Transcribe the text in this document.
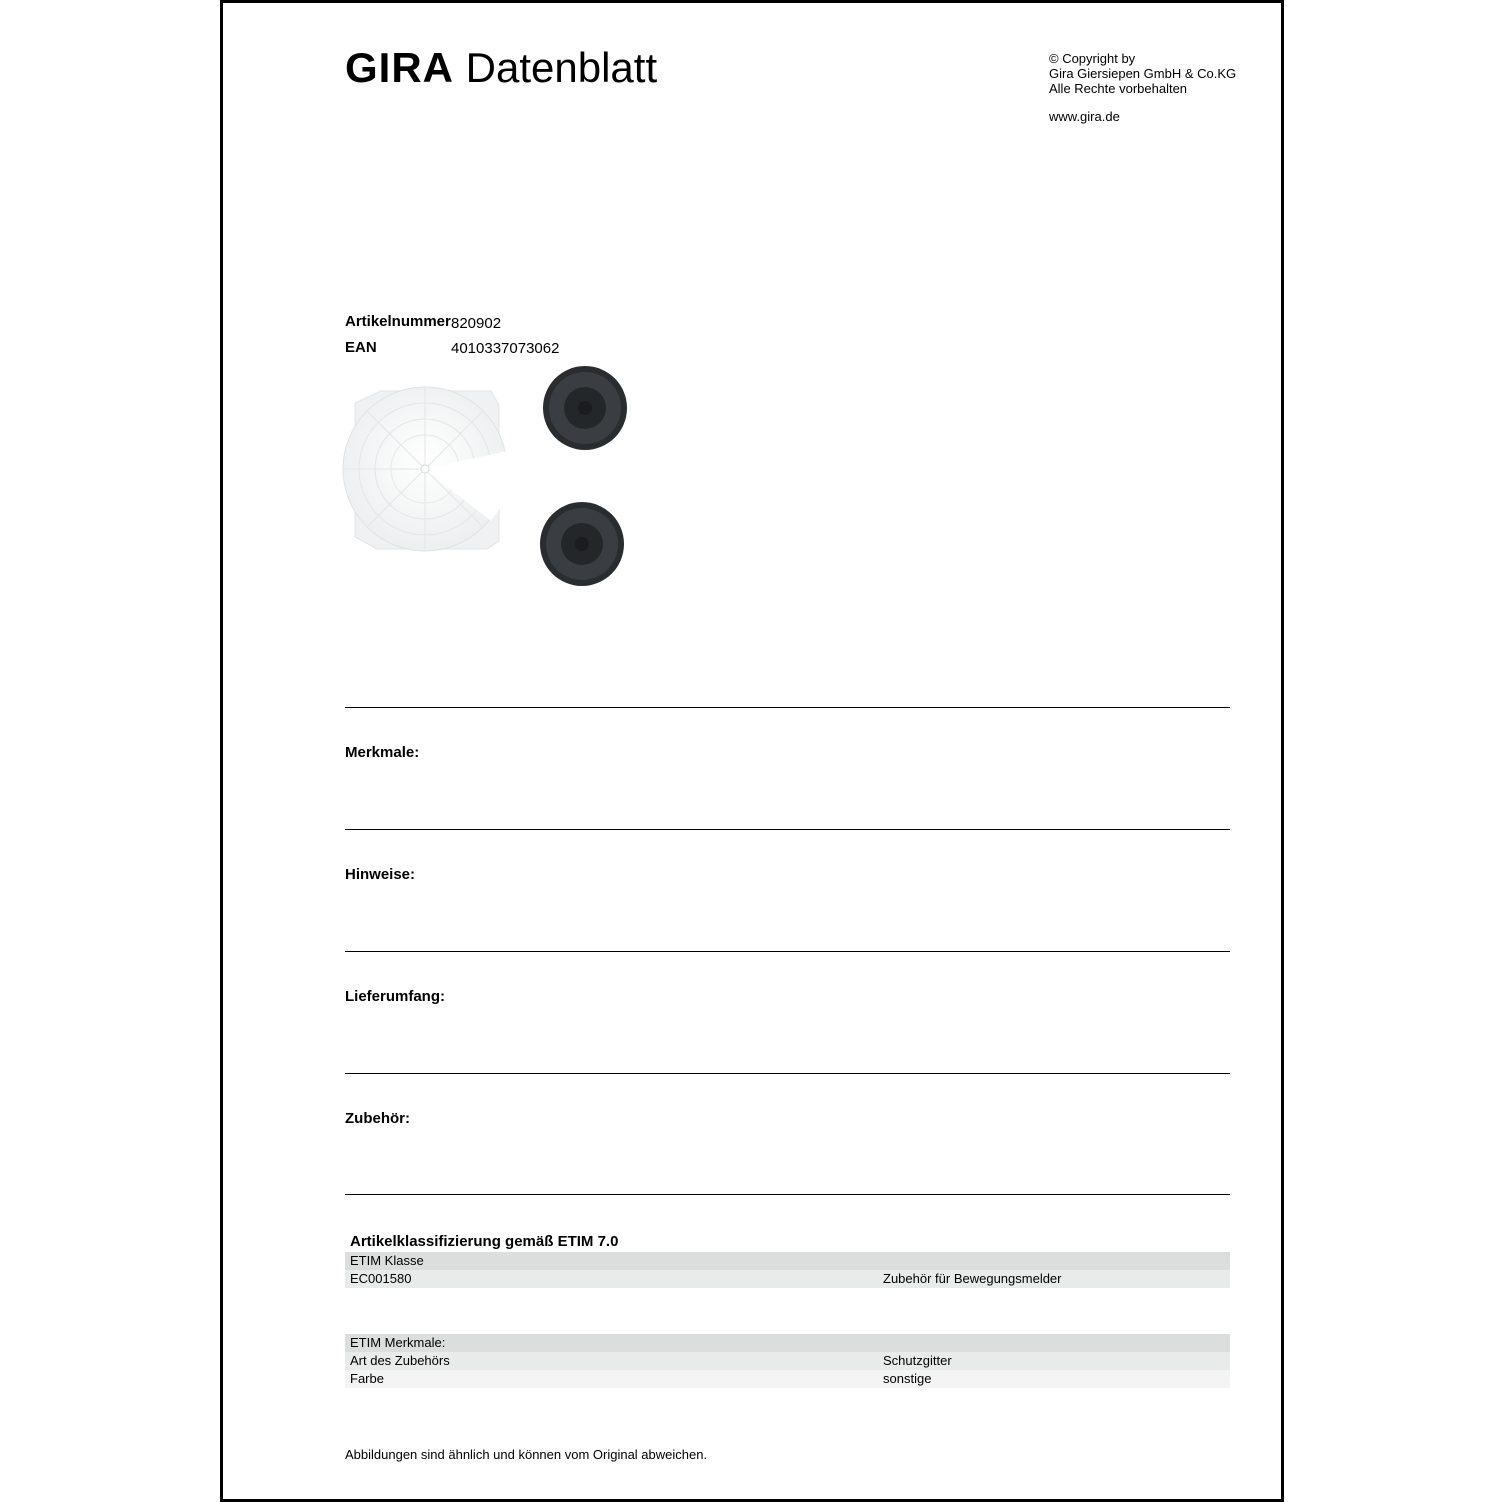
GIRA Datenblatt	© Copyright by
Gira Giersiepen GmbH & Co.KG
Alle Rechte vorbehalten
www.gira.de
Artikelnummer 820902
EAN	4010337073062
Merkmale:
Hinweise:
Lieferumfang:
Zubehör:
Artikelklassifizierung gemäß ETIM 7.0
ETIM Klasse
EC001580	Zubehör für Bewegungsmelder
ETIM Merkmale:
Art des Zubehörs	Schutzgitter
Farbe	sonstige
Abbildungen sind ähnlich und können vom Original abweichen.
